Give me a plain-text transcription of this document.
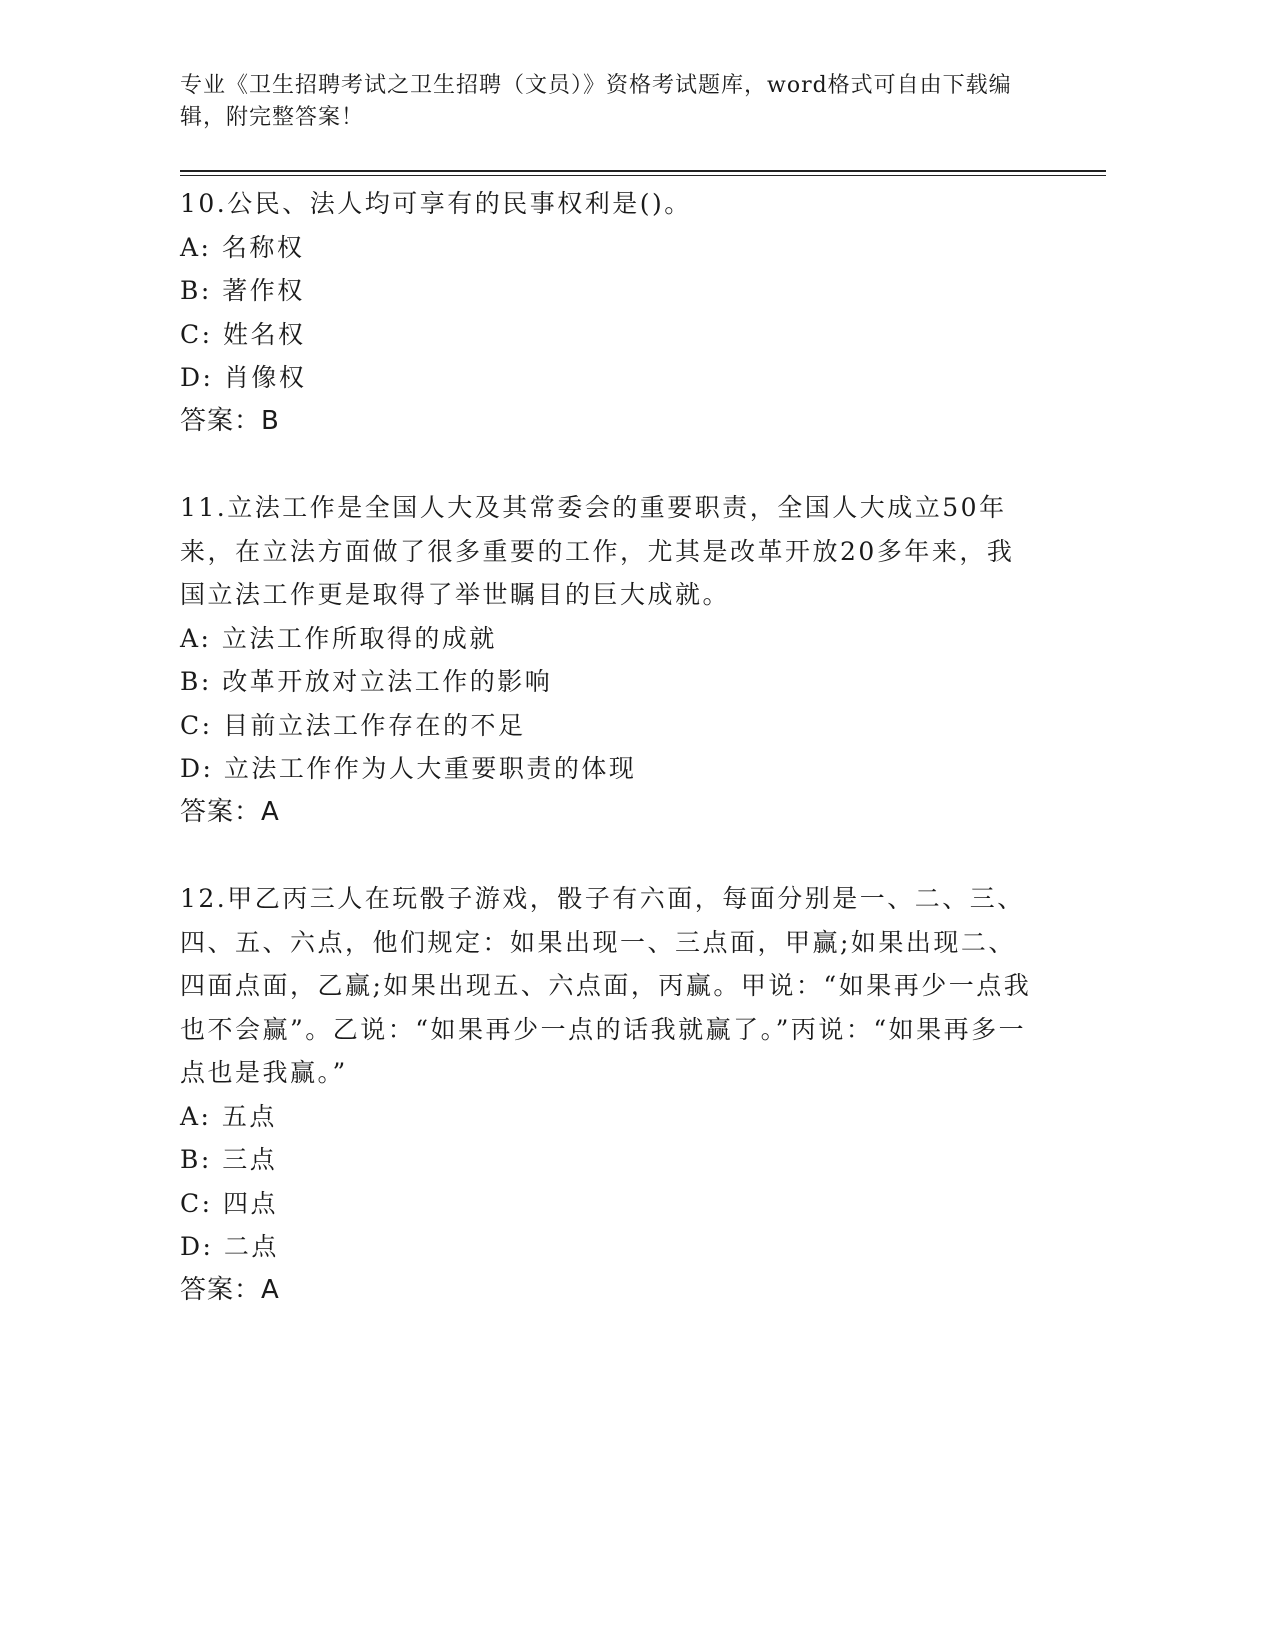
专业《卫生招聘考试之卫生招聘（文员）》资格考试题库，word格式可自由下载编辑，附完整答案！

10.公民、法人均可享有的民事权利是()。

A: 名称权

B: 著作权

C: 姓名权

D: 肖像权

答案：B

11.立法工作是全国人大及其常委会的重要职责，全国人大成立50年来，在立法方面做了很多重要的工作，尤其是改革开放20多年来，我国立法工作更是取得了举世瞩目的巨大成就。

A: 立法工作所取得的成就

B: 改革开放对立法工作的影响

C: 目前立法工作存在的不足

D: 立法工作作为人大重要职责的体现

答案：A

12.甲乙丙三人在玩骰子游戏，骰子有六面，每面分别是一、二、三、四、五、六点，他们规定：如果出现一、三点面，甲赢;如果出现二、四面点面，乙赢;如果出现五、六点面，丙赢。甲说：“如果再少一点我也不会赢”。乙说：“如果再少一点的话我就赢了。”丙说：“如果再多一点也是我赢。”

A: 五点

B: 三点

C: 四点

D: 二点

答案：A
